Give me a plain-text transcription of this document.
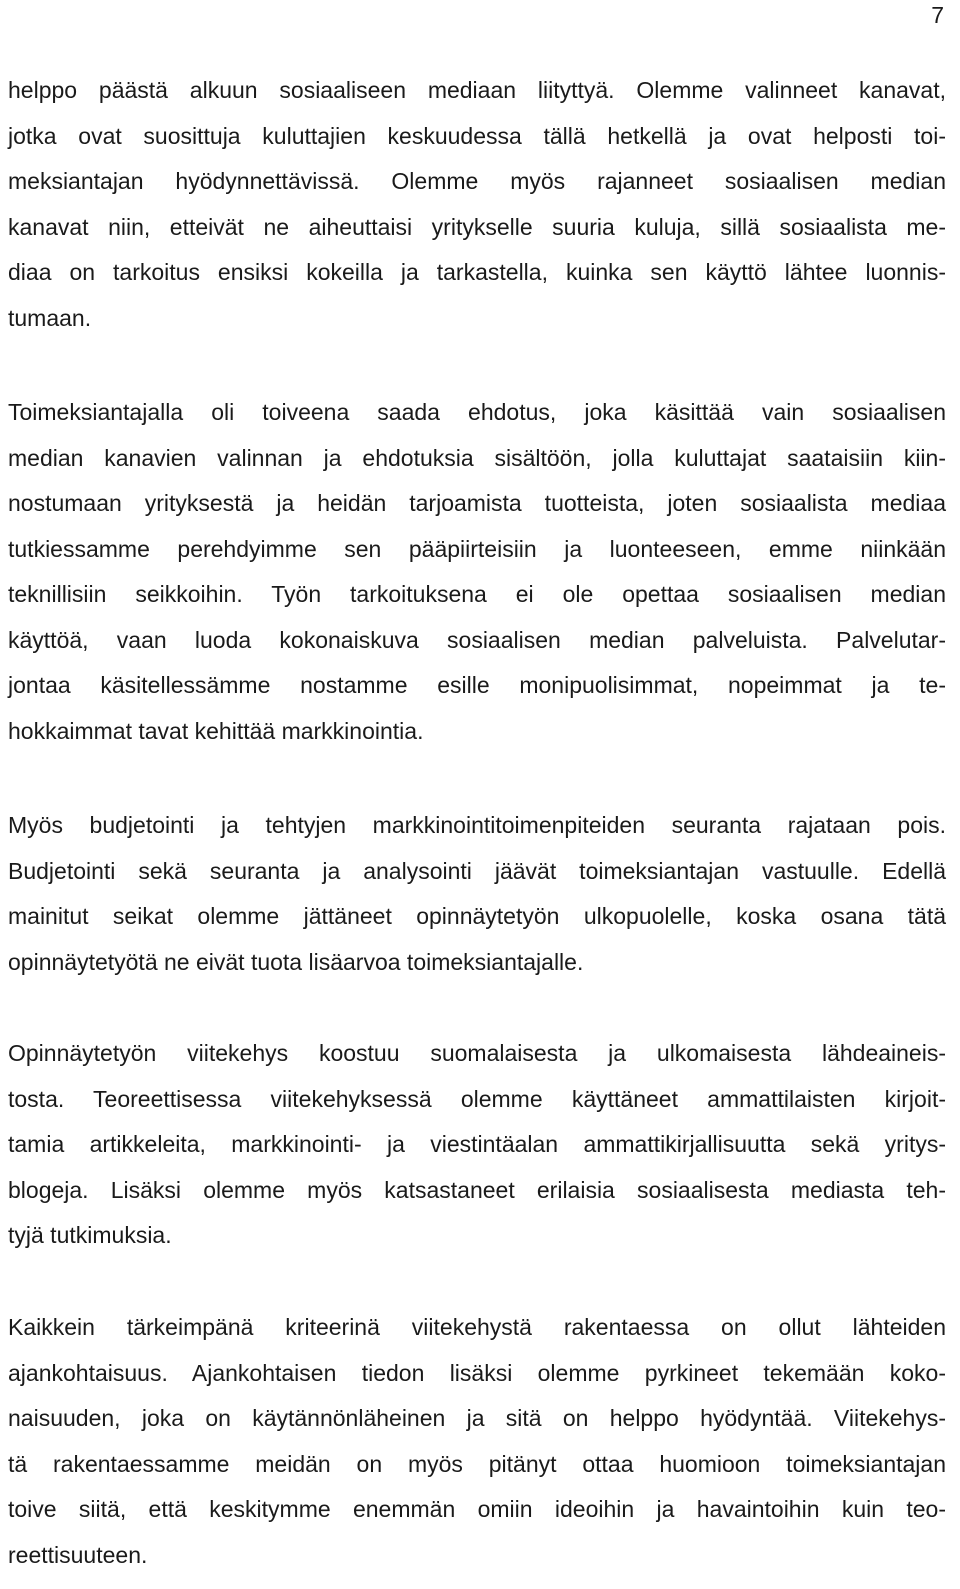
7
helppo päästä alkuun sosiaaliseen mediaan liityttyä. Olemme valinneet kanavat,
jotka ovat suosittuja kuluttajien keskuudessa tällä hetkellä ja ovat helposti toi-
meksiantajan hyödynnettävissä. Olemme myös rajanneet sosiaalisen median
kanavat niin, etteivät ne aiheuttaisi yritykselle suuria kuluja, sillä sosiaalista me-
diaa on tarkoitus ensiksi kokeilla ja tarkastella, kuinka sen käyttö lähtee luonnis-
tumaan.
Toimeksiantajalla oli toiveena saada ehdotus, joka käsittää vain sosiaalisen
median kanavien valinnan ja ehdotuksia sisältöön, jolla kuluttajat saataisiin kiin-
nostumaan yrityksestä ja heidän tarjoamista tuotteista, joten sosiaalista mediaa
tutkiessamme perehdyimme sen pääpiirteisiin ja luonteeseen, emme niinkään
teknillisiin seikkoihin. Työn tarkoituksena ei ole opettaa sosiaalisen median
käyttöä, vaan luoda kokonaiskuva sosiaalisen median palveluista. Palvelutar-
jontaa käsitellessämme nostamme esille monipuolisimmat, nopeimmat ja te-
hokkaimmat tavat kehittää markkinointia.
Myös budjetointi ja tehtyjen markkinointitoimenpiteiden seuranta rajataan pois.
Budjetointi sekä seuranta ja analysointi jäävät toimeksiantajan vastuulle. Edellä
mainitut seikat olemme jättäneet opinnäytetyön ulkopuolelle, koska osana tätä
opinnäytetyötä ne eivät tuota lisäarvoa toimeksiantajalle.
Opinnäytetyön viitekehys koostuu suomalaisesta ja ulkomaisesta lähdeaineis-
tosta. Teoreettisessa viitekehyksessä olemme käyttäneet ammattilaisten kirjoit-
tamia artikkeleita, markkinointi- ja viestintäalan ammattikirjallisuutta sekä yritys-
blogeja. Lisäksi olemme myös katsastaneet erilaisia sosiaalisesta mediasta teh-
tyjä tutkimuksia.
Kaikkein tärkeimpänä kriteerinä viitekehystä rakentaessa on ollut lähteiden
ajankohtaisuus. Ajankohtaisen tiedon lisäksi olemme pyrkineet tekemään koko-
naisuuden, joka on käytännönläheinen ja sitä on helppo hyödyntää. Viitekehys-
tä rakentaessamme meidän on myös pitänyt ottaa huomioon toimeksiantajan
toive siitä, että keskitymme enemmän omiin ideoihin ja havaintoihin kuin teo-
reettisuuteen.
